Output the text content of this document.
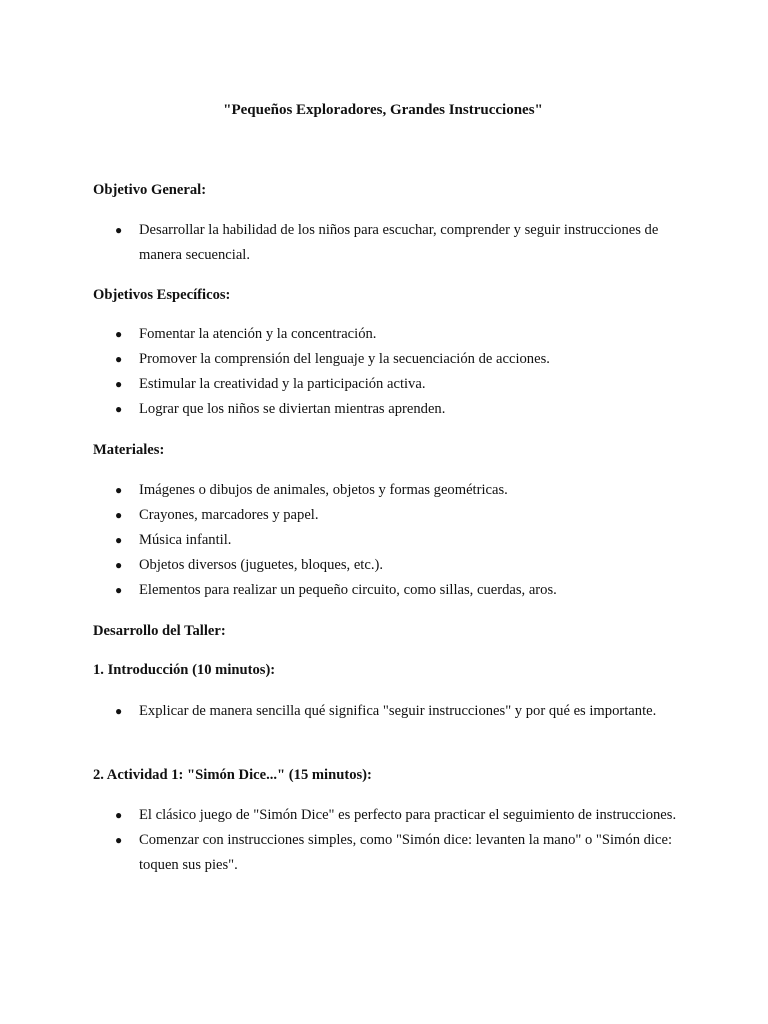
"Pequeños Exploradores, Grandes Instrucciones"
Objetivo General:
● Desarrollar la habilidad de los niños para escuchar, comprender y seguir instrucciones de manera secuencial.
Objetivos Específicos:
● Fomentar la atención y la concentración.
● Promover la comprensión del lenguaje y la secuenciación de acciones.
● Estimular la creatividad y la participación activa.
● Lograr que los niños se diviertan mientras aprenden.
Materiales:
● Imágenes o dibujos de animales, objetos y formas geométricas.
● Crayones, marcadores y papel.
● Música infantil.
● Objetos diversos (juguetes, bloques, etc.).
● Elementos para realizar un pequeño circuito, como sillas, cuerdas, aros.
Desarrollo del Taller:
1. Introducción (10 minutos):
● Explicar de manera sencilla qué significa "seguir instrucciones" y por qué es importante.
2. Actividad 1: "Simón Dice..." (15 minutos):
● El clásico juego de "Simón Dice" es perfecto para practicar el seguimiento de instrucciones.
● Comenzar con instrucciones simples, como "Simón dice: levanten la mano" o "Simón dice: toquen sus pies".
